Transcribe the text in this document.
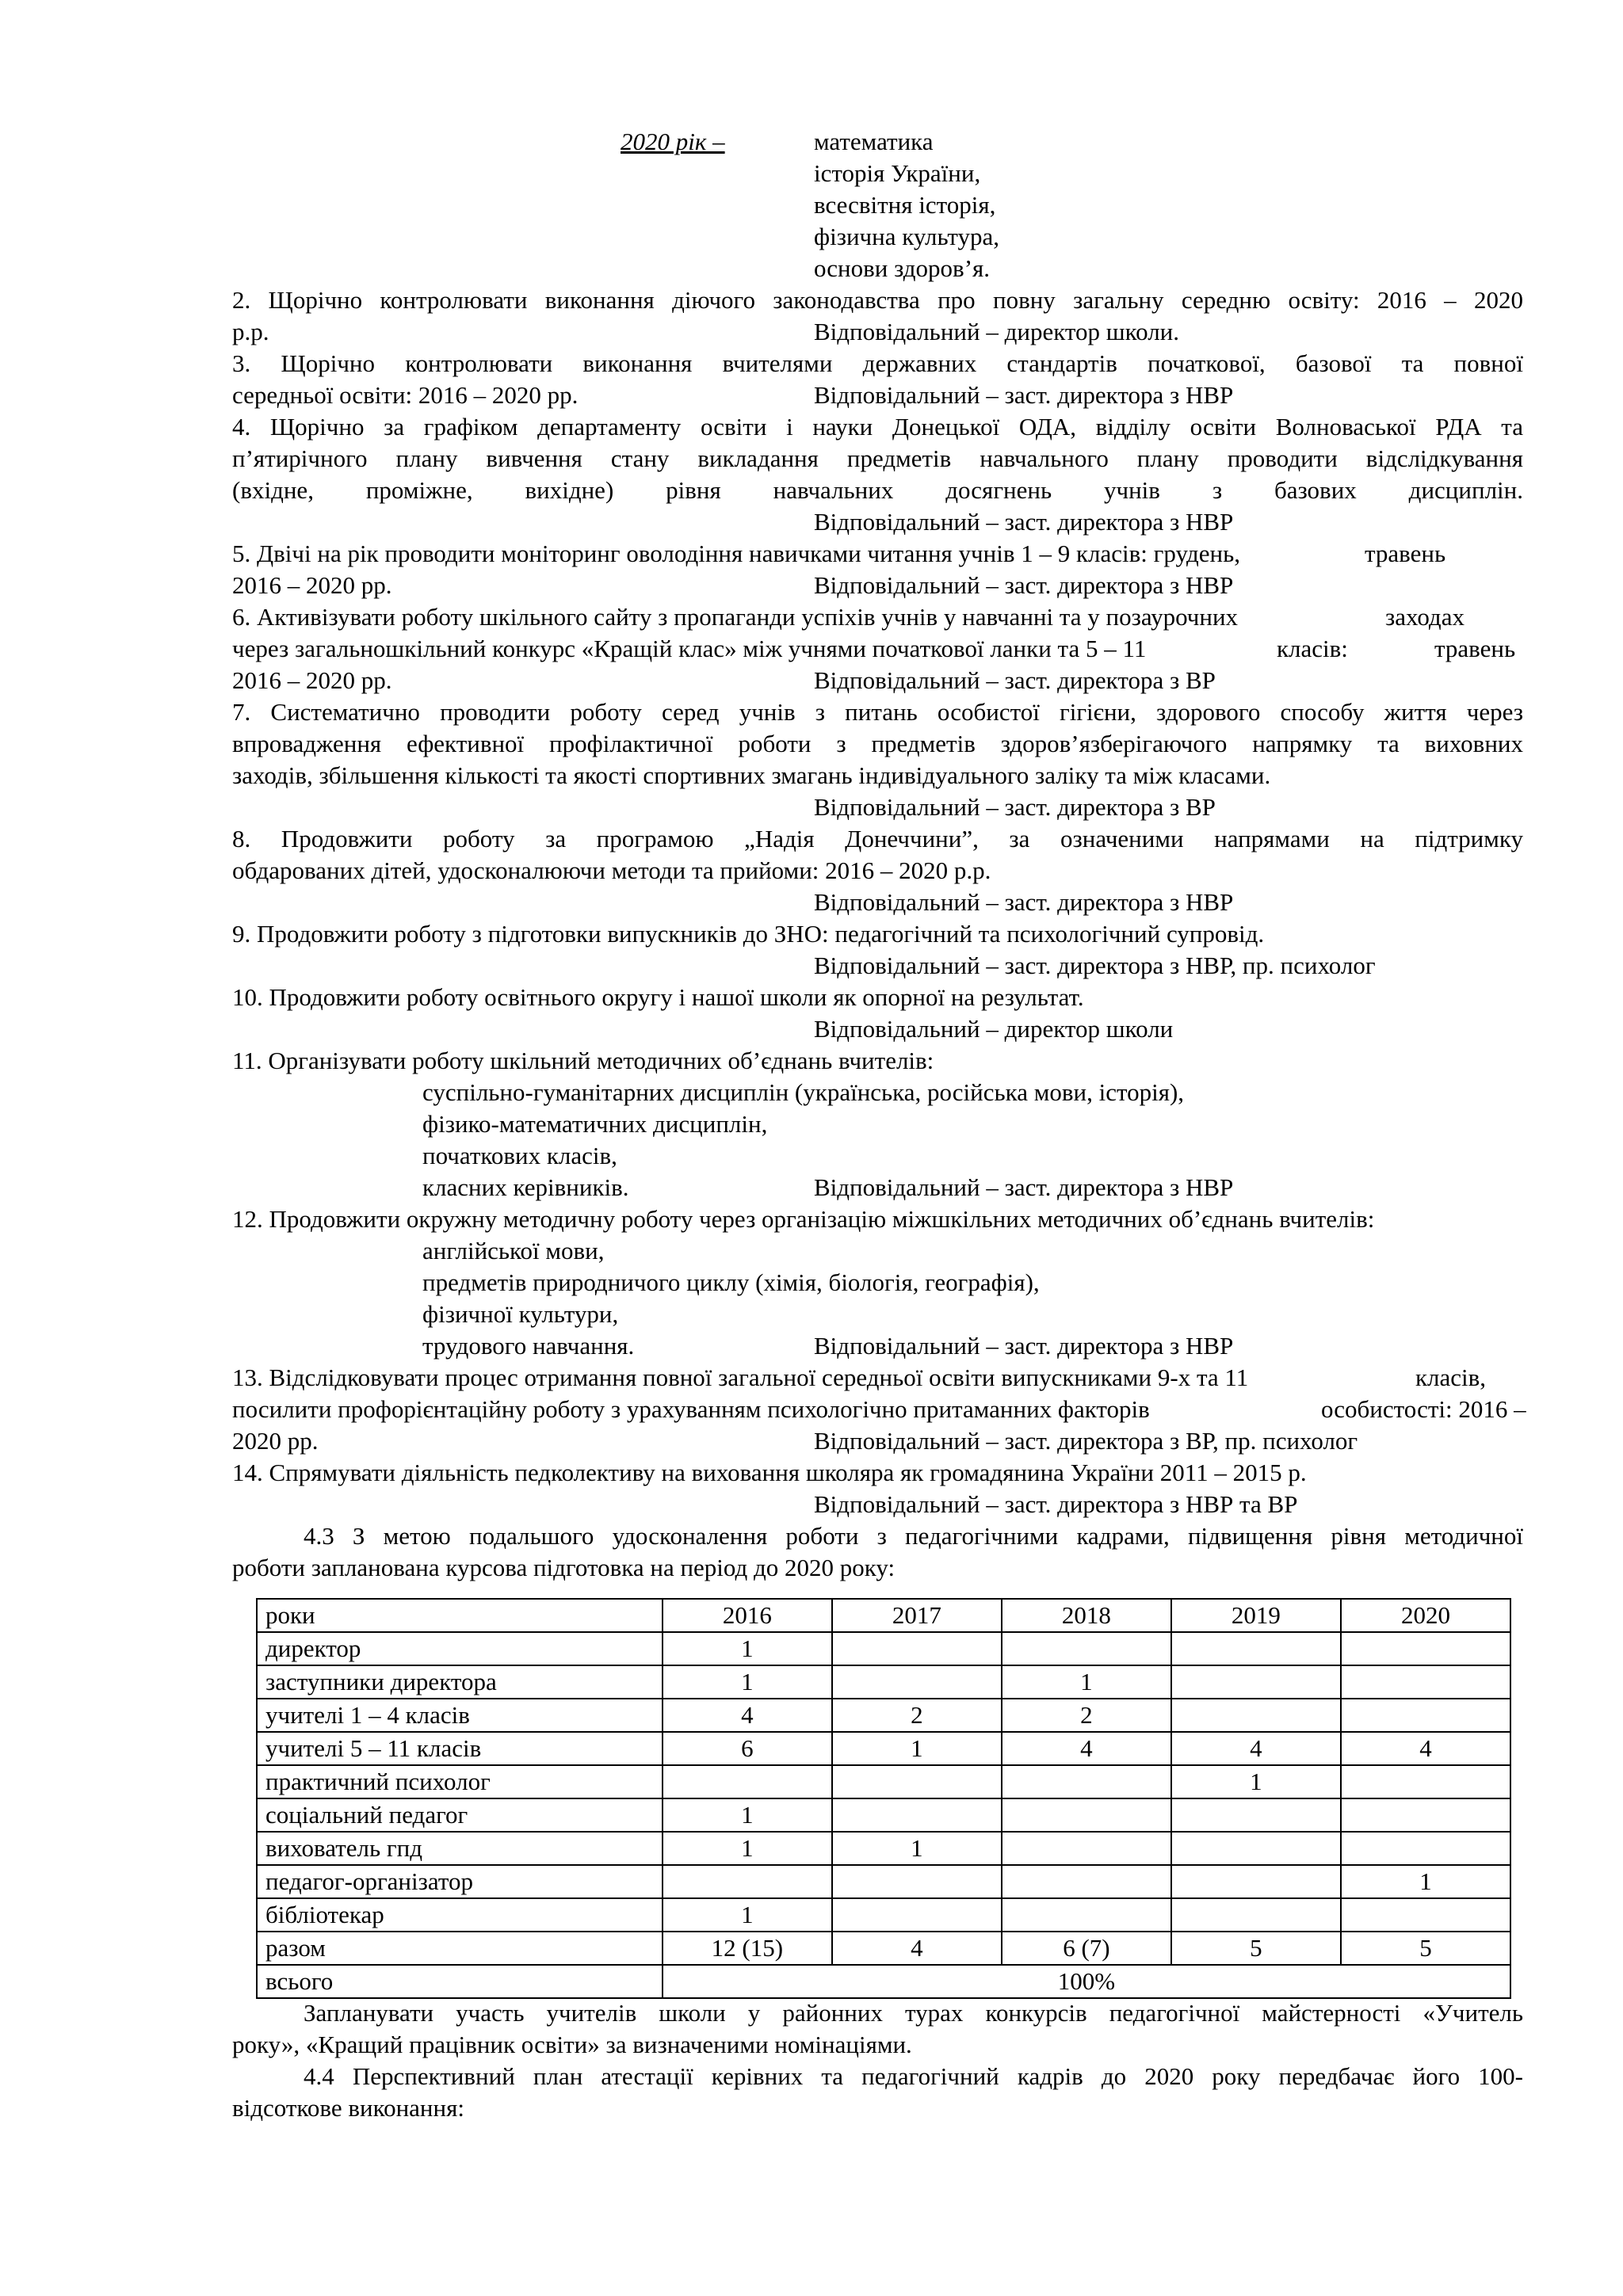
2020 рік –	математика
історія України,
всесвітня історія,
фізична культура,
основи здоров’я.
2. Щорічно контролювати виконання діючого законодавства про повну загальну середню освіту: 2016 – 2020
р.р.	Відповідальний – директор школи.
3. Щорічно контролювати виконання вчителями державних стандартів початкової, базової та повної
середньої освіти: 2016 – 2020 рр.	Відповідальний – заст. директора з НВР
4. Щорічно за графіком департаменту освіти і науки Донецької ОДА, відділу освіти Волноваської РДА та
п’ятирічного плану вивчення стану викладання предметів навчального плану проводити відслідкування
(вхідне, проміжне, вихідне) рівня навчальних досягнень учнів з базових дисциплін.
Відповідальний – заст. директора з НВР
5. Двічі на рік проводити моніторинг оволодіння навичками читання учнів 1 – 9 класів: грудень,	травень
2016 – 2020 рр.	Відповідальний – заст. директора з НВР
6. Активізувати роботу шкільного сайту з пропаганди успіхів учнів у навчанні та у позаурочних	заходах
через загальношкільний конкурс «Кращій клас» між учнями початкової ланки та 5 – 11	класів:	травень
2016 – 2020 рр.	Відповідальний – заст. директора з ВР
7. Систематично проводити роботу серед учнів з питань особистої гігієни, здорового способу життя через
впровадження ефективної профілактичної роботи з предметів здоров’язберігаючого напрямку та виховних
заходів, збільшення кількості та якості спортивних змагань індивідуального заліку та між класами.
Відповідальний – заст. директора з ВР
8. Продовжити роботу за програмою „Надія Донеччини”, за означеними напрямами на підтримку
обдарованих дітей, удосконалюючи методи та прийоми: 2016 – 2020 р.р.
Відповідальний – заст. директора з НВР
9. Продовжити роботу з підготовки випускників до ЗНО: педагогічний та психологічний супровід.
Відповідальний – заст. директора з НВР, пр. психолог
10. Продовжити роботу освітнього округу і нашої школи як опорної на результат.
Відповідальний – директор школи
11. Організувати роботу шкільний методичних об’єднань вчителів:
суспільно-гуманітарних дисциплін (українська, російська мови, історія),
фізико-математичних дисциплін,
початкових класів,
класних керівників.	Відповідальний – заст. директора з НВР
12. Продовжити окружну методичну роботу через організацію міжшкільних методичних об’єднань вчителів:
англійської мови,
предметів природничого циклу (хімія, біологія, географія),
фізичної культури,
трудового навчання.	Відповідальний – заст. директора з НВР
13. Відслідковувати процес отримання повної загальної середньої освіти випускниками 9-х та 11	класів,
посилити профорієнтаційну роботу з урахуванням психологічно притаманних факторів	особистості: 2016 –
2020 рр.	Відповідальний – заст. директора з ВР, пр. психолог
14. Спрямувати діяльність педколективу на виховання школяра як громадянина України 2011 – 2015 р.
Відповідальний – заст. директора з НВР та ВР
4.3 З метою подальшого удосконалення роботи з педагогічними кадрами, підвищення рівня методичної
роботи запланована курсова підготовка на період до 2020 року:
роки	2016	2017	2018	2019	2020
директор	1				
заступники директора	1		1		
учителі 1 – 4 класів	4	2	2		
учителі 5 – 11 класів	6	1	4	4	4
практичний психолог				1	
соціальний педагог	1				
вихователь гпд	1	1			
педагог-організатор					1
бібліотекар	1				
разом	12 (15)	4	6 (7)	5	5
всього	100%				
Запланувати участь учителів школи у районних турах конкурсів педагогічної майстерності «Учитель
року», «Кращий працівник освіти» за визначеними номінаціями.
4.4 Перспективний план атестації керівних та педагогічний кадрів до 2020 року передбачає його 100-
відсоткове виконання:
